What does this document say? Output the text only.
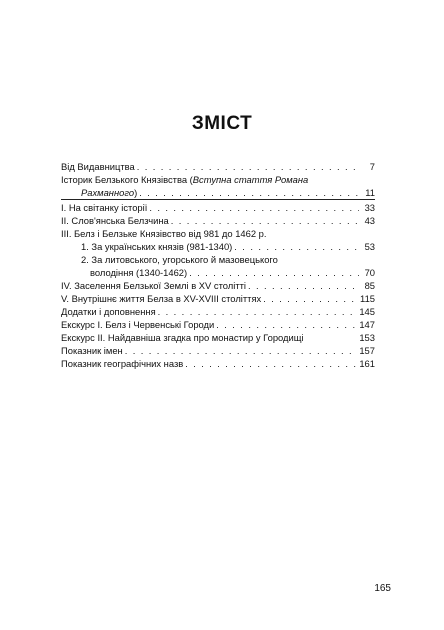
ЗМІСТ
Від Видавництва . . .	7
Історик Белзького Князівства (Вступна стаття Романа
Рахманного) . . .	11
I. На світанку історії . . .	33
II. Слов'янська Белзчина . . .	43
III. Белз і Белзьке Князівство від 981 до 1462 р.
1. За українських князів (981-1340) . . .	53
2. За литовського, угорського й мазовецького
володіння (1340-1462) . . .	70
IV. Заселення Белзької Землі в XV столітті . . .	85
V. Внутрішнє життя Белза в XV-XVIII століттях . . .	115
Додатки і доповнення . . .	145
Екскурс I. Белз і Червенські Городи . . .	147
Екскурс II. Найдавніша згадка про монастир у Городищі	153
Показник імен . . .	157
Показник географічних назв . . .	161
165
